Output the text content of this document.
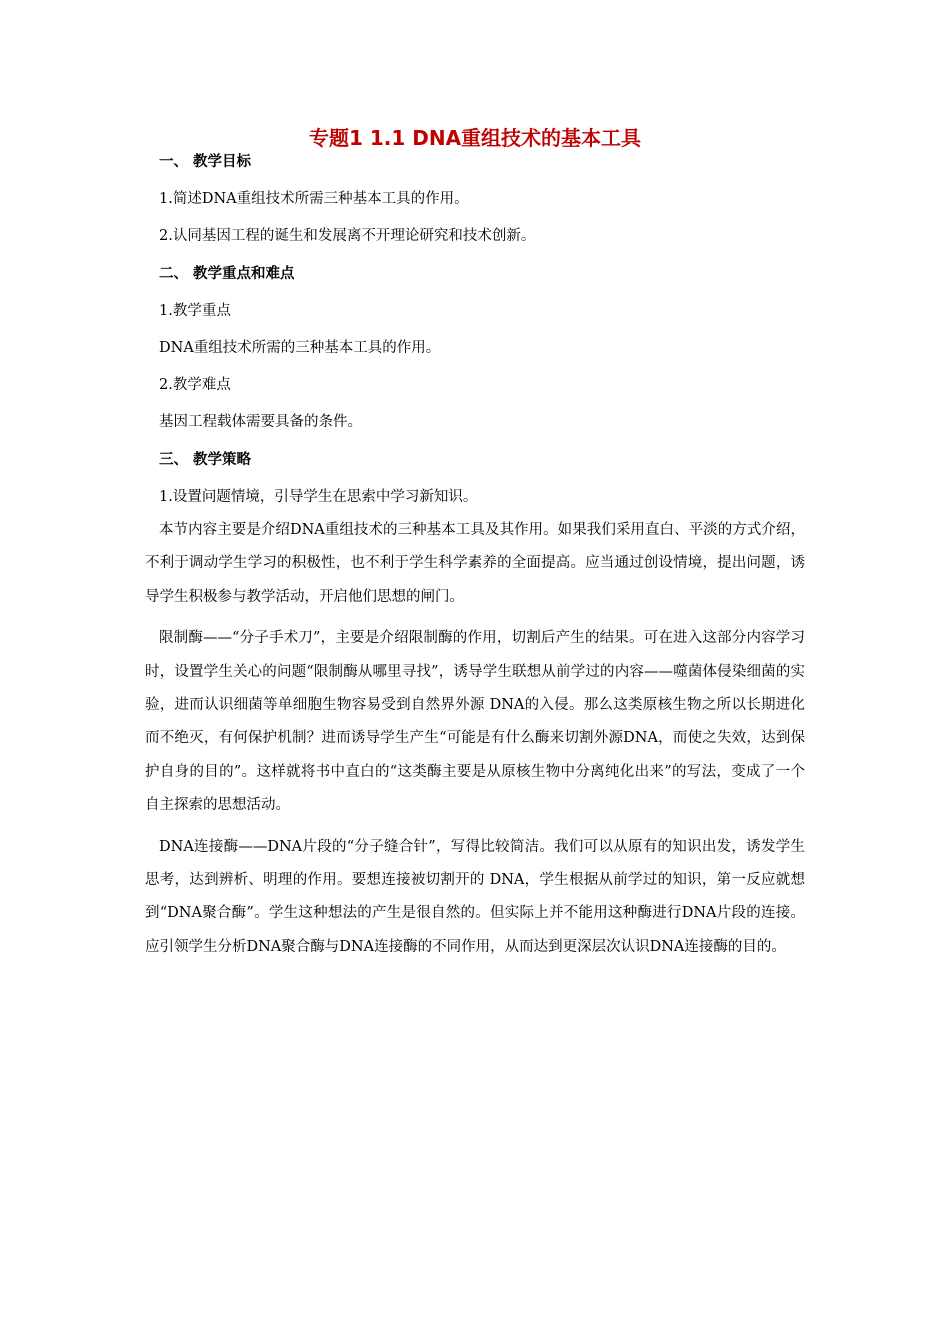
专题1 1.1 DNA重组技术的基本工具
一、 教学目标
1.简述DNA重组技术所需三种基本工具的作用。
2.认同基因工程的诞生和发展离不开理论研究和技术创新。
二、 教学重点和难点
1.教学重点
DNA重组技术所需的三种基本工具的作用。
2.教学难点
基因工程载体需要具备的条件。
三、 教学策略
1.设置问题情境，引导学生在思索中学习新知识。

本节内容主要是介绍DNA重组技术的三种基本工具及其作用。如果我们采用直白、平淡的方式介绍，不利于调动学生学习的积极性，也不利于学生科学素养的全面提高。应当通过创设情境，提出问题，诱导学生积极参与教学活动，开启他们思想的闸门。

限制酶——“分子手术刀”，主要是介绍限制酶的作用，切割后产生的结果。可在进入这部分内容学习时，设置学生关心的问题“限制酶从哪里寻找”，诱导学生联想从前学过的内容——噬菌体侵染细菌的实验，进而认识细菌等单细胞生物容易受到自然界外源 DNA的入侵。那么这类原核生物之所以长期进化而不绝灭，有何保护机制？进而诱导学生产生“可能是有什么酶来切割外源DNA，而使之失效，达到保护自身的目的”。这样就将书中直白的“这类酶主要是从原核生物中分离纯化出来”的写法，变成了一个自主探索的思想活动。

DNA连接酶——DNA片段的“分子缝合针”，写得比较简洁。我们可以从原有的知识出发，诱发学生思考，达到辨析、明理的作用。要想连接被切割开的 DNA，学生根据从前学过的知识，第一反应就想到“DNA聚合酶”。学生这种想法的产生是很自然的。但实际上并不能用这种酶进行DNA片段的连接。应引领学生分析DNA聚合酶与DNA连接酶的不同作用，从而达到更深层次认识DNA连接酶的目的。
